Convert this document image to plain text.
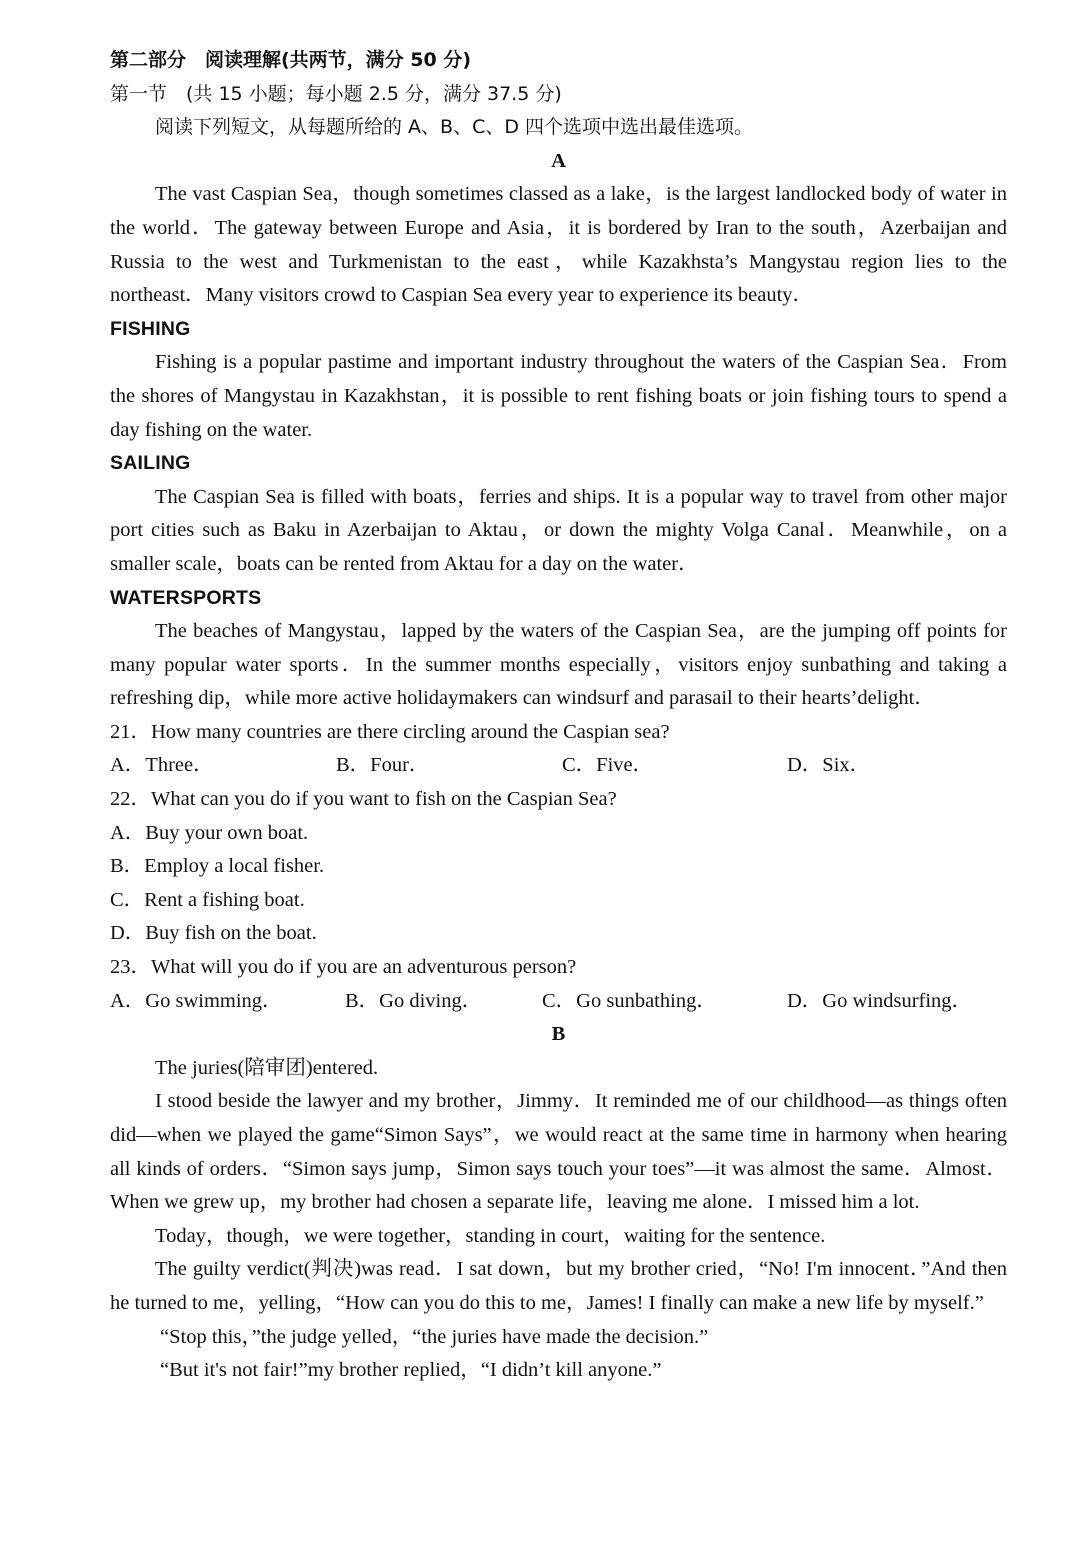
第二部分　阅读理解(共两节，满分 50 分)
第一节　(共 15 小题；每小题 2.5 分，满分 37.5 分)
阅读下列短文，从每题所给的 A、B、C、D 四个选项中选出最佳选项。
A

The vast Caspian Sea，though sometimes classed as a lake，is the largest landlocked body of water in the world．The gateway between Europe and Asia，it is bordered by Iran to the south，Azerbaijan and Russia to the west and Turkmenistan to the east，while Kazakhsta’s Mangystau region lies to the northeast．Many visitors crowd to Caspian Sea every year to experience its beauty．

FISHING

Fishing is a popular pastime and important industry throughout the waters of the Caspian Sea．From the shores of Mangystau in Kazakhstan，it is possible to rent fishing boats or join fishing tours to spend a day fishing on the water.

SAILING

The Caspian Sea is filled with boats，ferries and ships. It is a popular way to travel from other major port cities such as Baku in Azerbaijan to Aktau，or down the mighty Volga Canal．Meanwhile，on a smaller scale，boats can be rented from Aktau for a day on the water．

WATERSPORTS

The beaches of Mangystau，lapped by the waters of the Caspian Sea，are the jumping off points for many popular water sports．In the summer months especially，visitors enjoy sunbathing and taking a refreshing dip，while more active holidaymakers can windsurf and parasail to their hearts’delight．

21．How many countries are there circling around the Caspian sea?
A．Three．	B．Four．	C．Five．	D．Six．
22．What can you do if you want to fish on the Caspian Sea?
A．Buy your own boat.
B．Employ a local fisher.
C．Rent a fishing boat.
D．Buy fish on the boat.
23．What will you do if you are an adventurous person?
A．Go swimming．	B．Go diving．	C．Go sunbathing．	D．Go windsurfing．
B

The juries(陪审团)entered.

I stood beside the lawyer and my brother，Jimmy．It reminded me of our childhood—as things often did—when we played the game“Simon Says”，we would react at the same time in harmony when hearing all kinds of orders．“Simon says jump，Simon says touch your toes”—it was almost the same．Almost．When we grew up，my brother had chosen a separate life，leaving me alone．I missed him a lot.

Today，though，we were together，standing in court，waiting for the sentence.

The guilty verdict(判决)was read．I sat down，but my brother cried，“No! I'm innocent．”And then he turned to me，yelling，“How can you do this to me，James! I finally can make a new life by myself.”

“Stop this，”the judge yelled，“the juries have made the decision.”

“But it's not fair!”my brother replied，“I didn’t kill anyone.”
